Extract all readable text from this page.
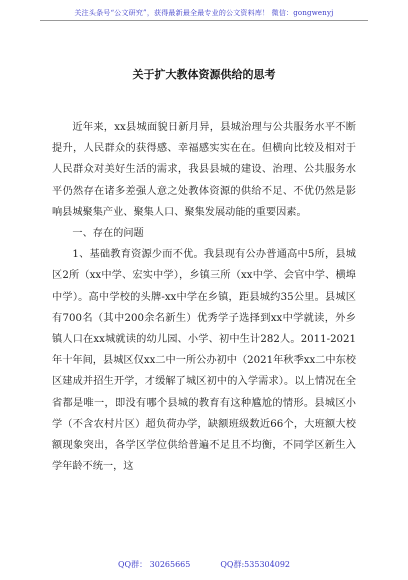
关注头条号“公文研究”，获得最新最全最专业的公文资料库！ 微信：gongwenyj
关于扩大教体资源供给的思考

近年来，xx县城面貌日新月异，县城治理与公共服务水平不断提升，人民群众的获得感、幸福感实实在在。但横向比较及相对于人民群众对美好生活的需求，我县县城的建设、治理、公共服务水平仍然存在诸多差强人意之处教体资源的供给不足、不优仍然是影响县城聚集产业、聚集人口、聚集发展动能的重要因素。

一、存在的问题

1、基础教育资源少而不优。我县现有公办普通高中5所，县城区2所（xx中学、宏实中学），乡镇三所（xx中学、会官中学、横埠中学）。高中学校的头牌-xx中学在乡镇，距县城约35公里。县城区有700名（其中200余名新生）优秀学子选择到xx中学就读，外乡镇人口在xx城就读的幼儿园、小学、初中生计282人。2011-2021年十年间，县城区仅xx二中一所公办初中（2021年秋季xx二中东校区建成并招生开学，才缓解了城区初中的入学需求）。以上情况在全省都是唯一，即没有哪个县城的教育有这种尴尬的情形。县城区小学（不含农村片区）超负荷办学，缺额班级数近66个，大班额大校额现象突出，各学区学位供给普遍不足且不均衡，不同学区新生入学年龄不统一，这

QQ群： 30265665	QQ群:535304092
